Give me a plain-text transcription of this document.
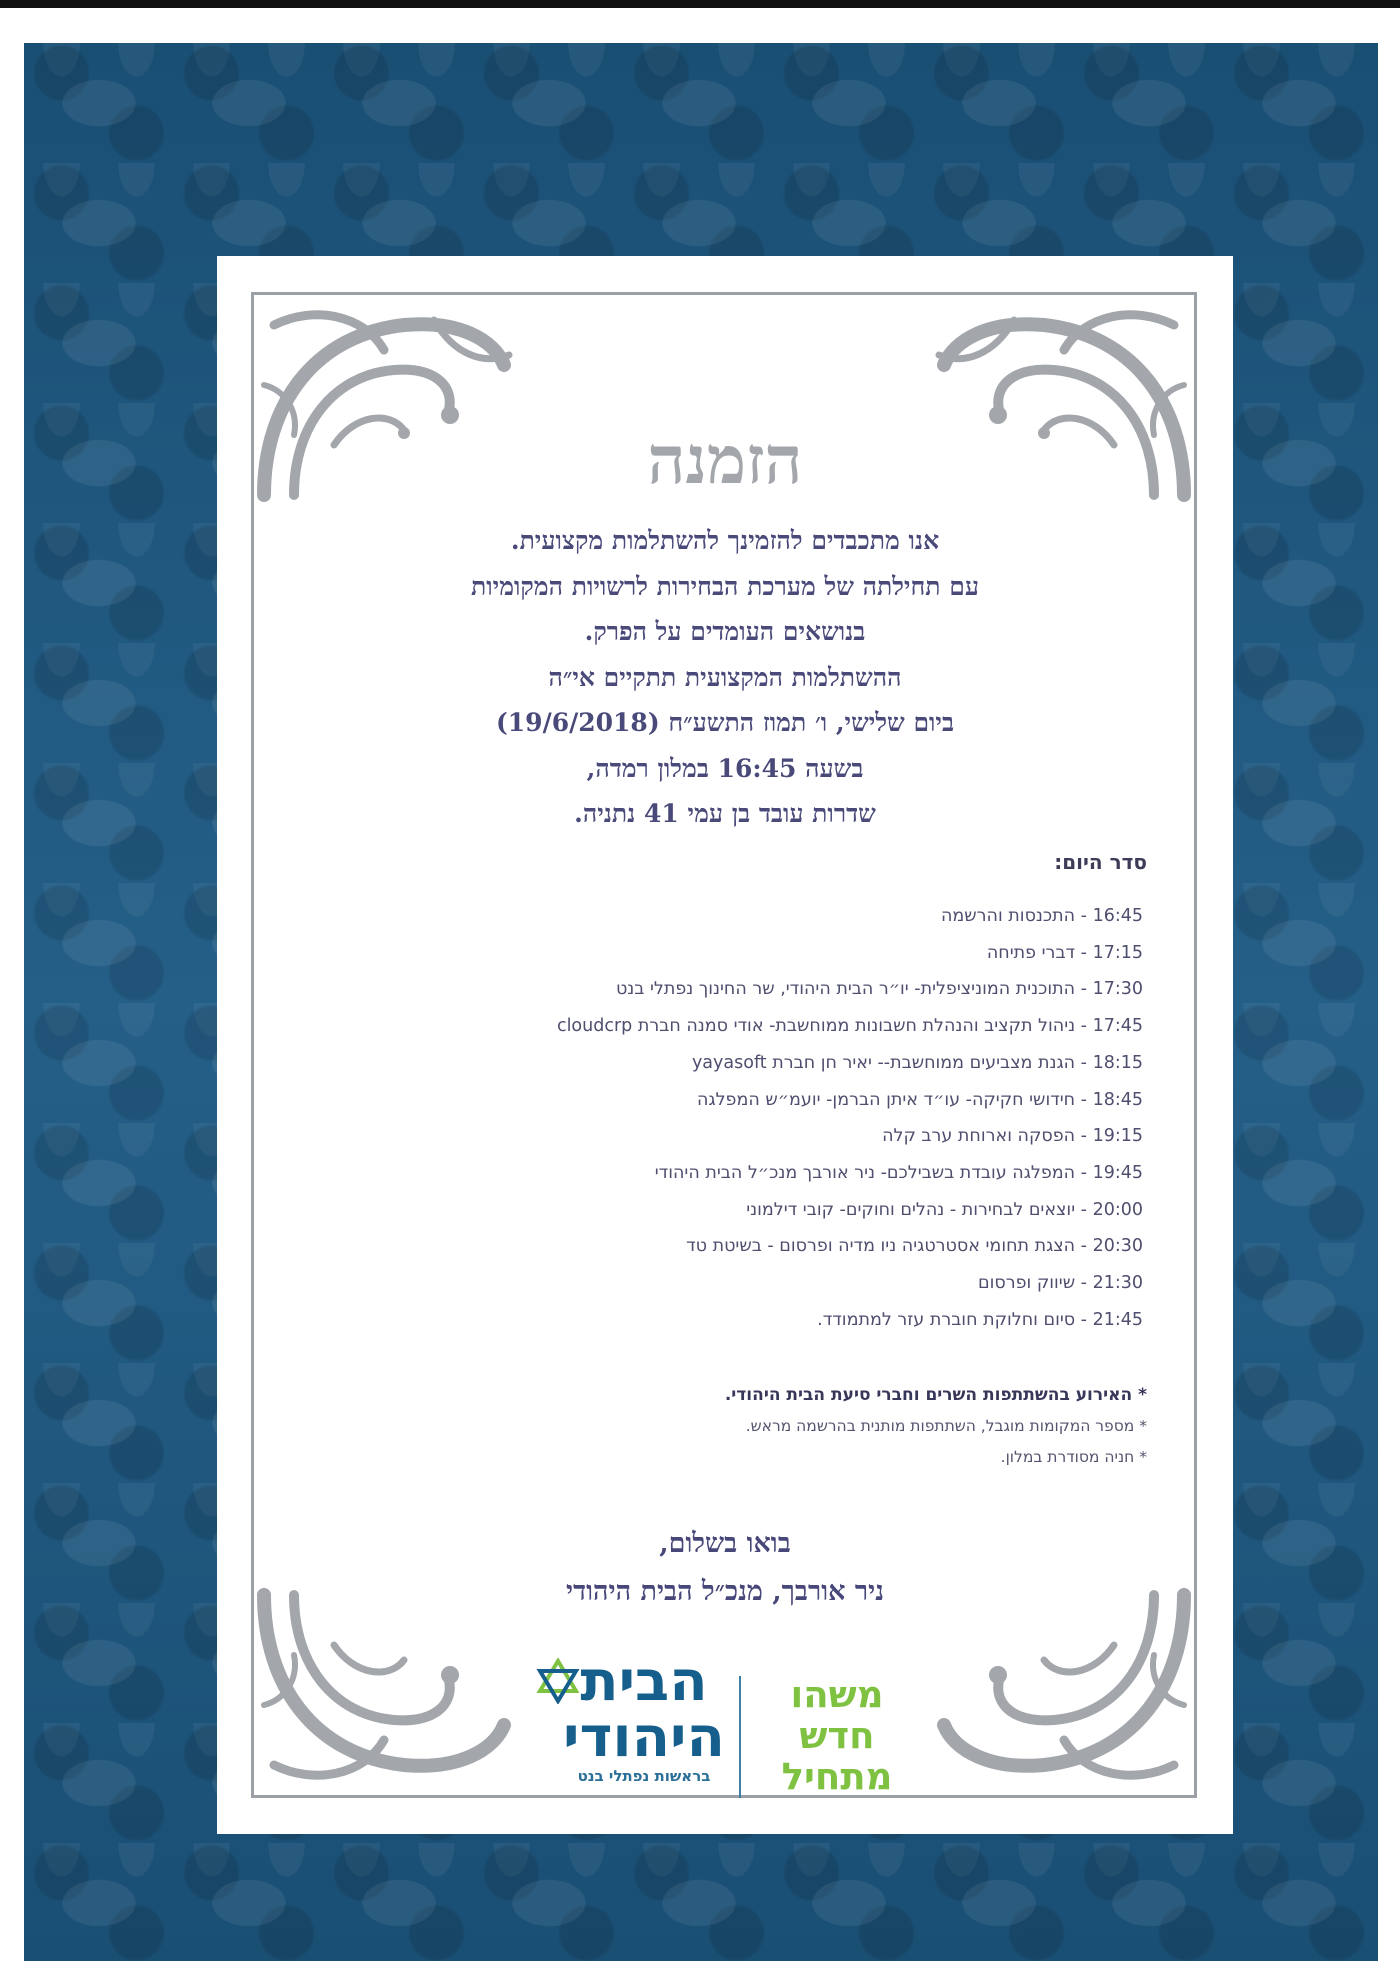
הזמנה
אנו מתכבדים להזמינך להשתלמות מקצועית.
עם תחילתה של מערכת הבחירות לרשויות המקומיות
בנושאים העומדים על הפרק.
ההשתלמות המקצועית תתקיים אי״ה
ביום שלישי, ו׳ תמוז התשע״ח (19/6/2018)
בשעה 16:45 במלון רמדה,
שדרות עובד בן עמי 41 נתניה.
סדר היום:
16:45 - התכנסות והרשמה
17:15 - דברי פתיחה
17:30 - התוכנית המוניציפלית- יו״ר הבית היהודי, שר החינוך נפתלי בנט
17:45 - ניהול תקציב והנהלת חשבונות ממוחשבת- אודי סמנה חברת cloudcrp
18:15 - הגנת מצביעים ממוחשבת-- יאיר חן חברת yayasoft
18:45 - חידושי חקיקה- עו״ד איתן הברמן- יועמ״ש המפלגה
19:15 - הפסקה וארוחת ערב קלה
19:45 - המפלגה עובדת בשבילכם- ניר אורבך מנכ״ל הבית היהודי
20:00 - יוצאים לבחירות - נהלים וחוקים- קובי דילמוני
20:30 - הצגת תחומי אסטרטגיה ניו מדיה ופרסום - בשיטת טד
21:30 - שיווק ופרסום
21:45 - סיום וחלוקת חוברת עזר למתמודד.
* האירוע בהשתתפות השרים וחברי סיעת הבית היהודי.
* מספר המקומות מוגבל, השתתפות מותנית בהרשמה מראש.
* חניה מסודרת במלון.
בואו בשלום,
ניר אורבך, מנכ״ל הבית היהודי
משהו
חדש
מתחיל
הבית
היהודי
בראשות נפתלי בנט
